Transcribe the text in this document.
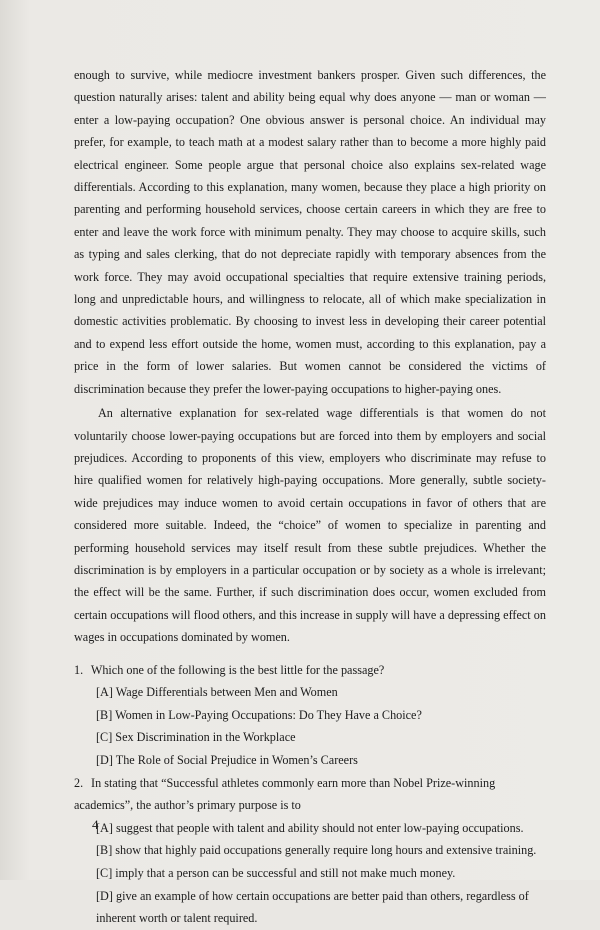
enough to survive, while mediocre investment bankers prosper. Given such differences, the question naturally arises: talent and ability being equal why does anyone — man or woman — enter a low-paying occupation? One obvious answer is personal choice. An individual may prefer, for example, to teach math at a modest salary rather than to become a more highly paid electrical engineer. Some people argue that personal choice also explains sex-related wage differentials. According to this explanation, many women, because they place a high priority on parenting and performing household services, choose certain careers in which they are free to enter and leave the work force with minimum penalty. They may choose to acquire skills, such as typing and sales clerking, that do not depreciate rapidly with temporary absences from the work force. They may avoid occupational specialties that require extensive training periods, long and unpredictable hours, and willingness to relocate, all of which make specialization in domestic activities problematic. By choosing to invest less in developing their career potential and to expend less effort outside the home, women must, according to this explanation, pay a price in the form of lower salaries. But women cannot be considered the victims of discrimination because they prefer the lower-paying occupations to higher-paying ones.

An alternative explanation for sex-related wage differentials is that women do not voluntarily choose lower-paying occupations but are forced into them by employers and social prejudices. According to proponents of this view, employers who discriminate may refuse to hire qualified women for relatively high-paying occupations. More generally, subtle society-wide prejudices may induce women to avoid certain occupations in favor of others that are considered more suitable. Indeed, the “choice” of women to specialize in parenting and performing household services may itself result from these subtle prejudices. Whether the discrimination is by employers in a particular occupation or by society as a whole is irrelevant; the effect will be the same. Further, if such discrimination does occur, women excluded from certain occupations will flood others, and this increase in supply will have a depressing effect on wages in occupations dominated by women.

1. Which one of the following is the best little for the passage?

[A] Wage Differentials between Men and Women

[B] Women in Low-Paying Occupations: Do They Have a Choice?

[C] Sex Discrimination in the Workplace

[D] The Role of Social Prejudice in Women’s Careers

2. In stating that “Successful athletes commonly earn more than Nobel Prize-winning academics”, the author’s primary purpose is to

[A] suggest that people with talent and ability should not enter low-paying occupations.

[B] show that highly paid occupations generally require long hours and extensive training.

[C] imply that a person can be successful and still not make much money.

[D] give an example of how certain occupations are better paid than others, regardless of inherent worth or talent required.

4
